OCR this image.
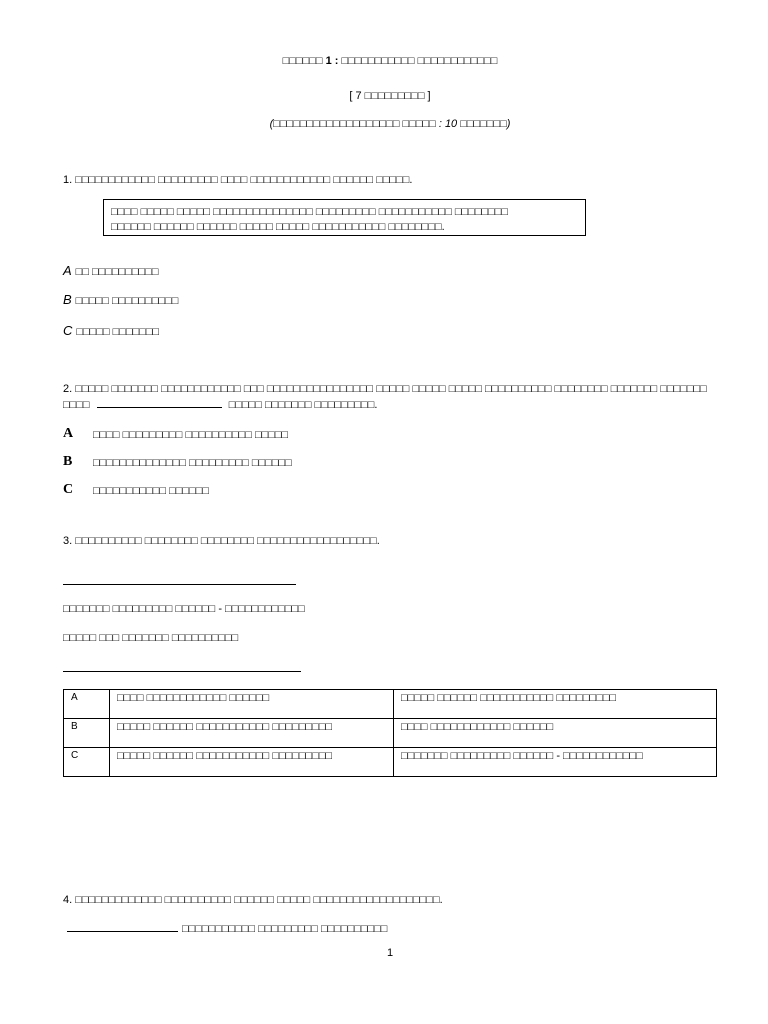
□□□□□□ 1 : □□□□□□□□□□□ □□□□□□□□□□□□
[ 7 □□□□□□□□□ ]
(□□□□□□□□□□□□□□□□□□□ □□□□□ : 10 □□□□□□□)
1. □□□□□□□□□□□□ □□□□□□□□□ □□□□ □□□□□□□□□□□□ □□□□□□ □□□□□.
□□□□ □□□□□ □□□□□ □□□□□□□□□□□□□□□ □□□□□□□□□ □□□□□□□□□□□ □□□□□□□□
□□□□□□ □□□□□□ □□□□□□ □□□□□ □□□□□ □□□□□□□□□□□ □□□□□□□□.
A □□ □□□□□□□□□□
B □□□□□ □□□□□□□□□□
C □□□□□ □□□□□□□
2. □□□□□ □□□□□□□ □□□□□□□□□□□□ □□□ □□□□□□□□□□□□□□□□ □□□□□ □□□□□ □□□□□ □□□□□□□□□□ □□□□□□□□ □□□□□□□ □□□□□□□
□□□□	□□□□□ □□□□□□□ □□□□□□□□□.
A □□□□ □□□□□□□□□ □□□□□□□□□□ □□□□□
B □□□□□□□□□□□□□□ □□□□□□□□□ □□□□□□
C □□□□□□□□□□□ □□□□□□
3. □□□□□□□□□□ □□□□□□□□ □□□□□□□□ □□□□□□□□□□□□□□□□□□.
□□□□□□□ □□□□□□□□□ □□□□□□ - □□□□□□□□□□□□
□□□□□ □□□ □□□□□□□ □□□□□□□□□□
A	□□□□ □□□□□□□□□□□□ □□□□□□	□□□□□ □□□□□□ □□□□□□□□□□□ □□□□□□□□□
B	□□□□□ □□□□□□ □□□□□□□□□□□ □□□□□□□□□	□□□□ □□□□□□□□□□□□ □□□□□□
C	□□□□□ □□□□□□ □□□□□□□□□□□ □□□□□□□□□	□□□□□□□ □□□□□□□□□ □□□□□□ - □□□□□□□□□□□□
4. □□□□□□□□□□□□□ □□□□□□□□□□ □□□□□□ □□□□□ □□□□□□□□□□□□□□□□□□□.
□□□□□□□□□□□ □□□□□□□□□ □□□□□□□□□□
1
